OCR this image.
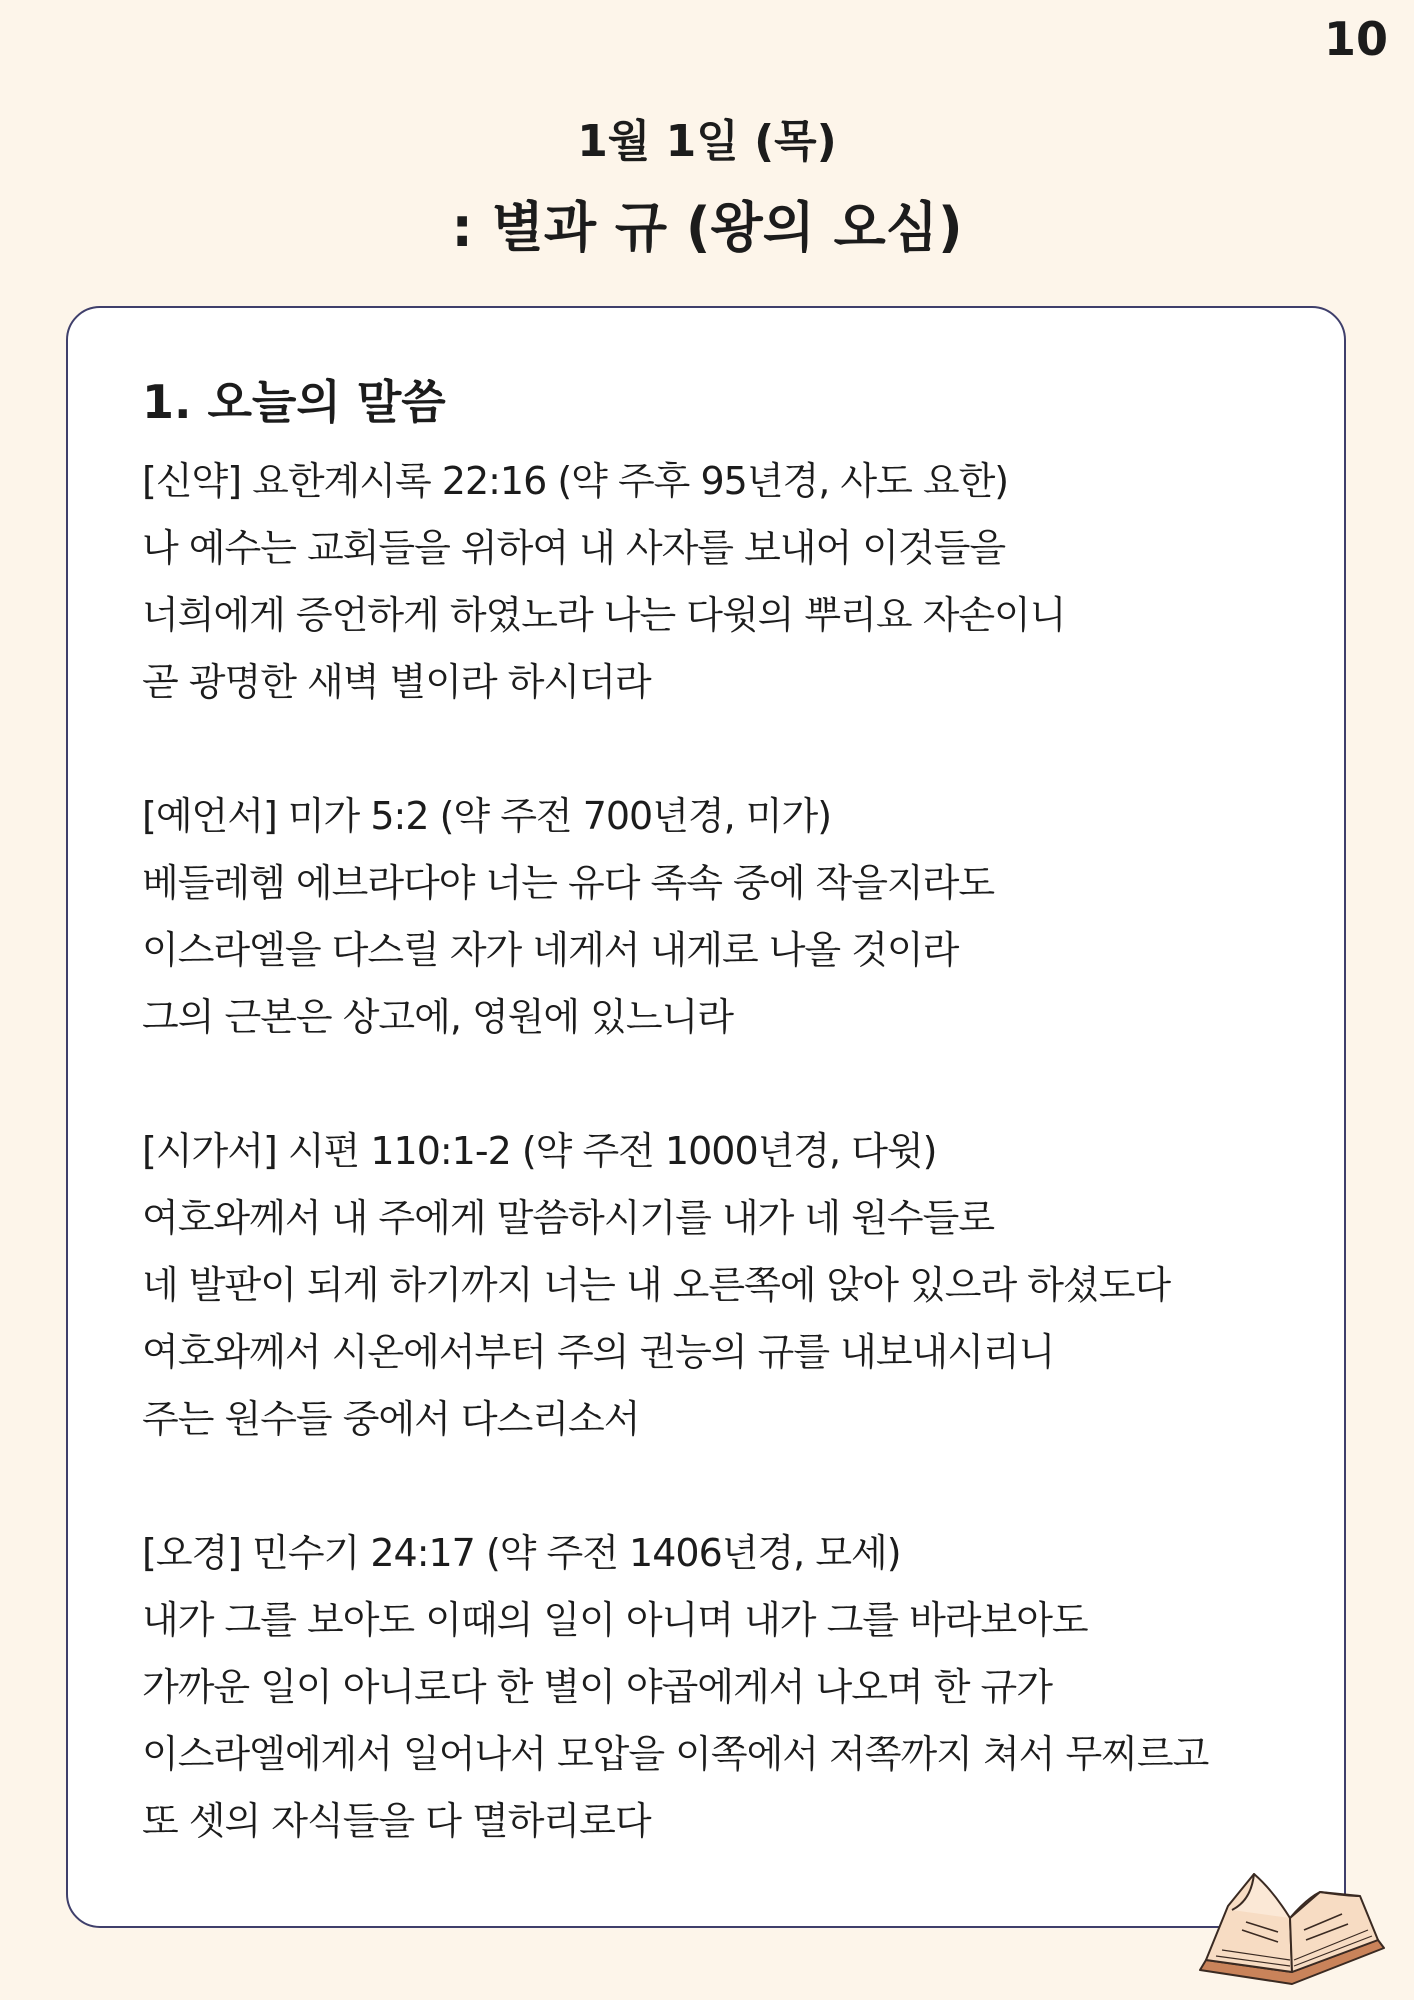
10
1월 1일 (목)
: 별과 규 (왕의 오심)
1. 오늘의 말씀
[신약] 요한계시록 22:16 (약 주후 95년경, 사도 요한)
나 예수는 교회들을 위하여 내 사자를 보내어 이것들을
너희에게 증언하게 하였노라 나는 다윗의 뿌리요 자손이니
곧 광명한 새벽 별이라 하시더라
[예언서] 미가 5:2 (약 주전 700년경, 미가)
베들레헴 에브라다야 너는 유다 족속 중에 작을지라도
이스라엘을 다스릴 자가 네게서 내게로 나올 것이라
그의 근본은 상고에, 영원에 있느니라
[시가서] 시편 110:1-2 (약 주전 1000년경, 다윗)
여호와께서 내 주에게 말씀하시기를 내가 네 원수들로
네 발판이 되게 하기까지 너는 내 오른쪽에 앉아 있으라 하셨도다
여호와께서 시온에서부터 주의 권능의 규를 내보내시리니
주는 원수들 중에서 다스리소서
[오경] 민수기 24:17 (약 주전 1406년경, 모세)
내가 그를 보아도 이때의 일이 아니며 내가 그를 바라보아도
가까운 일이 아니로다 한 별이 야곱에게서 나오며 한 규가
이스라엘에게서 일어나서 모압을 이쪽에서 저쪽까지 쳐서 무찌르고
또 셋의 자식들을 다 멸하리로다
